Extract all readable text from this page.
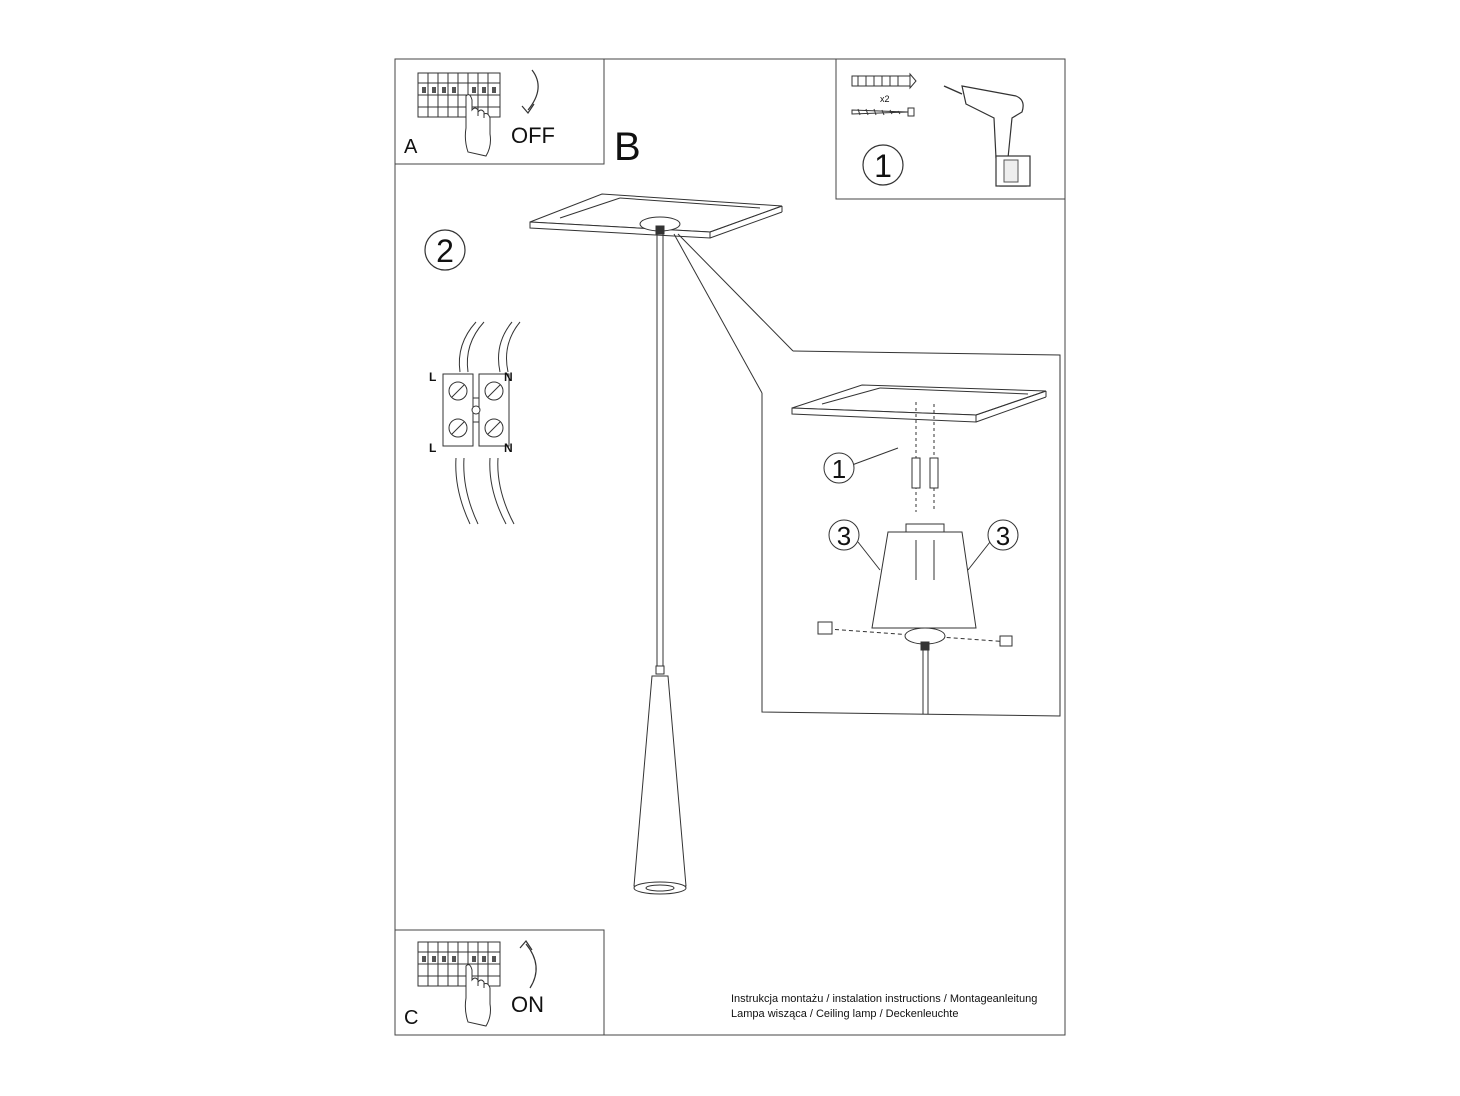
A	OFF B
x2
1
2
L	N
L	N
1
3	3
C
ON	Instrukcja montażu / instalation instructions / Montageanleitung
Lampa wisząca / Ceiling lamp / Deckenleuchte
